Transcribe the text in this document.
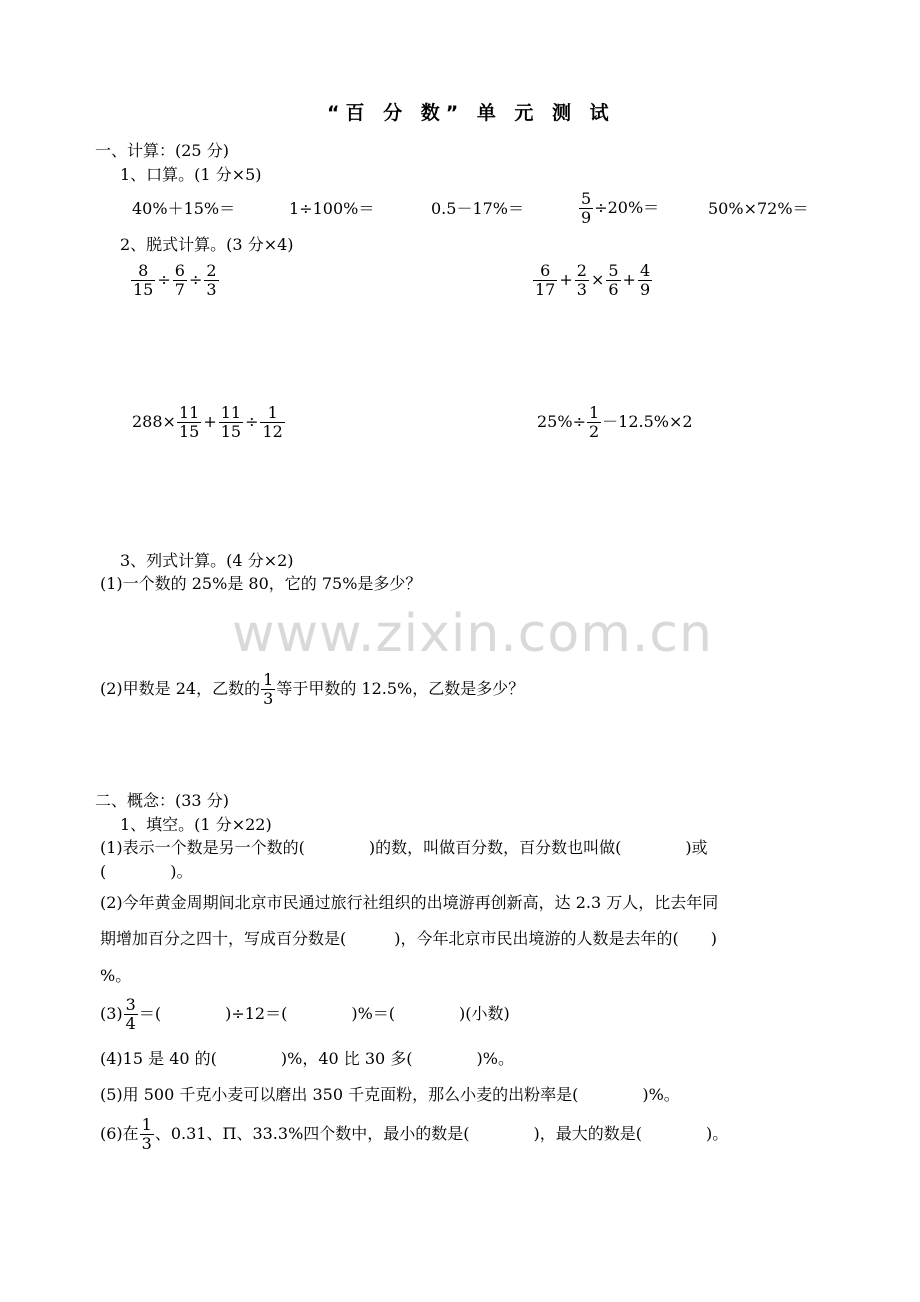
www.zixin.com.cn
“百 分 数” 单 元 测 试
一、计算：(25 分)
1、口算。(1 分×5)
40%＋15%＝	1÷100%＝	0.5－17%＝	$\frac{5}{9} \div 20\%=$	50%×72%＝
2、脱式计算。(3 分×4)
$\frac{8}{15} \div \frac{6}{7} \div \frac{2}{3}$	$\frac{6}{17} + \frac{2}{3} \times \frac{5}{6} + \frac{4}{9}$
$288\times \frac{11}{15} + \frac{11}{15} \div \frac{1}{12}$	$25\%\div \frac{1}{2} -12.5\%\times 2$
3、列式计算。(4 分×2)
(1)一个数的 25%是 80，它的 75%是多少？
(2)甲数是 24，乙数的 $\frac{1}{3}$ 等于甲数的 12.5%，乙数是多少？
二、概念：(33 分)
1、填空。(1 分×22)
(1)表示一个数是另一个数的(　　　　)的数，叫做百分数，百分数也叫做(　　　　)或
(　　　　)。
(2)今年黄金周期间北京市民通过旅行社组织的出境游再创新高，达 2.3 万人，比去年同
期增加百分之四十，写成百分数是(　　　)，今年北京市民出境游的人数是去年的(　　)
%。
$(3) \frac{3}{4}$ ＝(　　　　)÷12＝(　　　　)%＝(　　　　)(小数)
(4)15 是 40 的(　　　　)%，40 比 30 多(　　　　)%。
(5)用 500 千克小麦可以磨出 350 千克面粉，那么小麦的出粉率是(　　　　)%。
(6)在 $\frac{1}{3}$ 、0.31、Π、33.3%四个数中，最小的数是(　　　　)，最大的数是(　　　　)。
